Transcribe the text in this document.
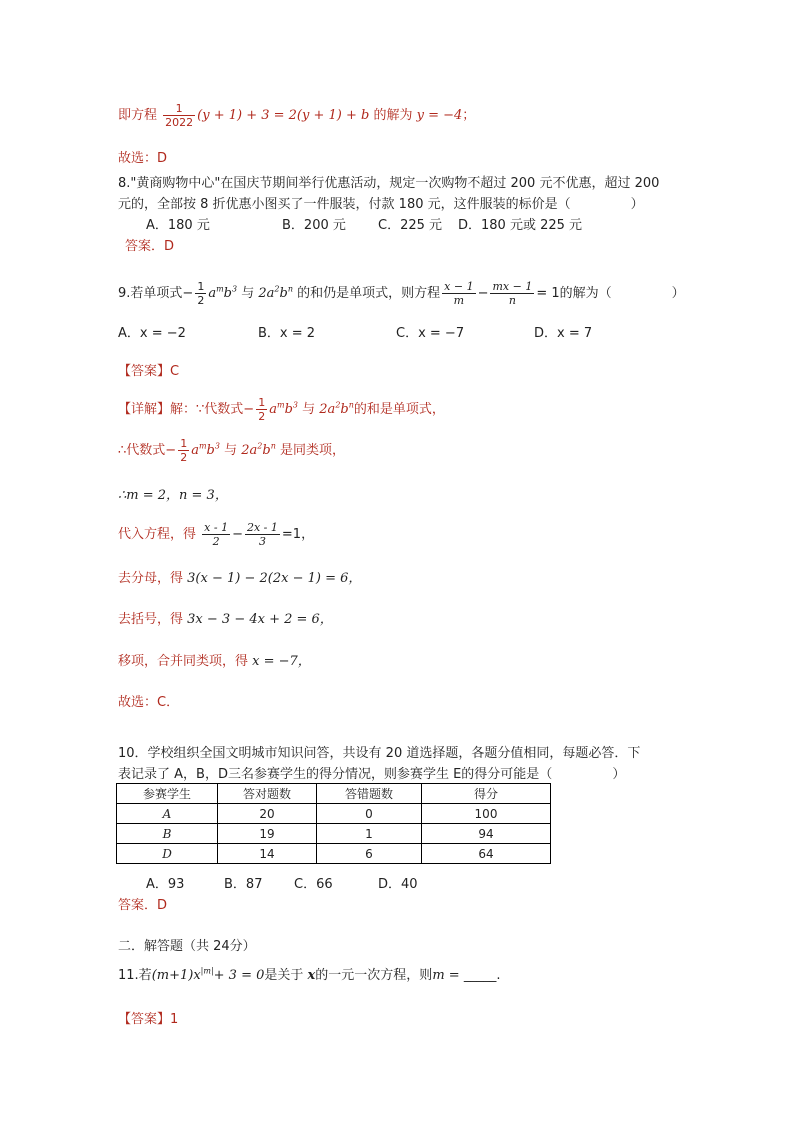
即方程 $\frac{1}{2022} (y + 1) + 3 = 2(y + 1) + b$ 的解为 y = −4；
故选：D
8."黄商购物中心"在国庆节期间举行优惠活动，规定一次购物不超过 200 元不优惠，超过 200
元的，全部按 8 折优惠小图买了一件服装，付款 180 元，这件服装的标价是（	）
A．180 元	B．200 元 C．225 元 D．180 元或 225 元
答案．D
9.若单项式− $\frac{1}{2} a^mb^3$ 与 $2a^2b^n$ 的和仍是单项式，则方程 $\frac{x - 1}{m} - \frac{mx - 1}{n} = 1$的解为（	）
A．x = −2	B．x = 2	C．x = −7	D．x = 7
【答案】C
【详解】解：∵代数式− $\frac{1}{2} a^mb^3$ 与 $2a^2b^n$的和是单项式，
∴代数式− $\frac{1}{2} a^mb^3$ 与 $2a^2b^n$ 是同类项，
∴m = 2，n = 3，
代入方程，得 $\frac{x - 1}{2} - \frac{2x - 1}{3} =1$，
去分母，得 3(x − 1) − 2(2x − 1) = 6，
去括号，得 3x − 3 − 4x + 2 = 6，
移项，合并同类项，得 x = −7，
故选：C．
10．学校组织全国文明城市知识问答，共设有 20 道选择题，各题分值相同，每题必答．下
表记录了 A，B，D三名参赛学生的得分情况，则参赛学生 E的得分可能是（	）
参赛学生	答对题数	答错题数	得分
A	20	0	100
B	19	1	94
D	14	6	64
A．93	B．87 C．66	D．40
答案．D
二．解答题（共 24分）
11.若$(m+1)x^{|m|}+ 3 = 0$是关于 x的一元一次方程，则m = _____.
【答案】1
